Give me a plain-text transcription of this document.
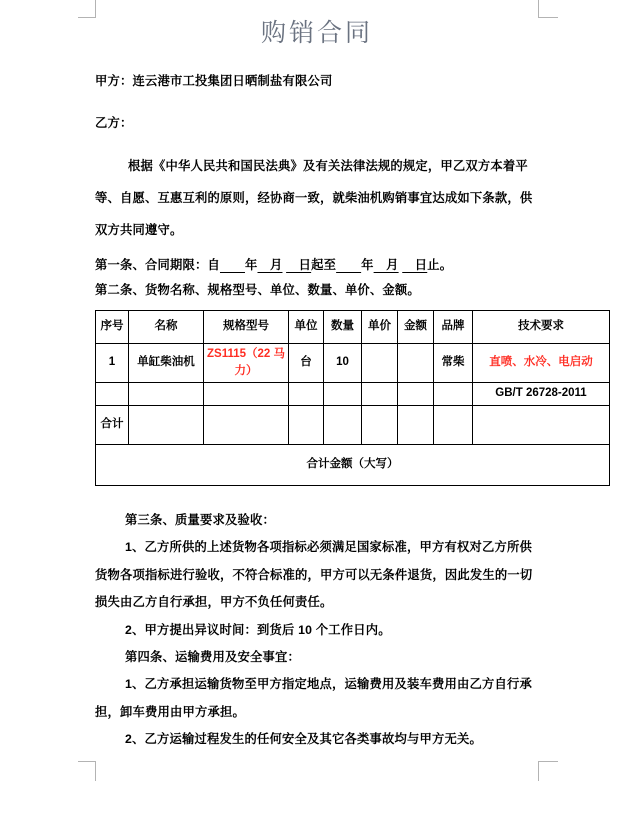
购销合同
甲方：连云港市工投集团日晒制盐有限公司
乙方：
根据《中华人民共和国民法典》及有关法律法规的规定，甲乙双方本着平等、自愿、互惠互利的原则，经协商一致，就柴油机购销事宜达成如下条款，供双方共同遵守。
第一条、合同期限：自　　 年　月 　日起至　　 年　月 　日止。
第二条、货物名称、规格型号、单位、数量、单价、金额。
序号	名称	规格型号	单位	数量	单价	金额	品牌	技术要求
1	单缸柴油机	ZS1115（22 马力）	台	10			常柴	直喷、水冷、电启动
								GB/T 26728-2011
合计								
合计金额（大写）								

第三条、质量要求及验收：

1、乙方所供的上述货物各项指标必须满足国家标准，甲方有权对乙方所供货物各项指标进行验收，不符合标准的，甲方可以无条件退货，因此发生的一切损失由乙方自行承担，甲方不负任何责任。

2、甲方提出异议时间：到货后 10 个工作日内。

第四条、运输费用及安全事宜：

1、乙方承担运输货物至甲方指定地点，运输费用及装车费用由乙方自行承担，卸车费用由甲方承担。

2、乙方运输过程发生的任何安全及其它各类事故均与甲方无关。
